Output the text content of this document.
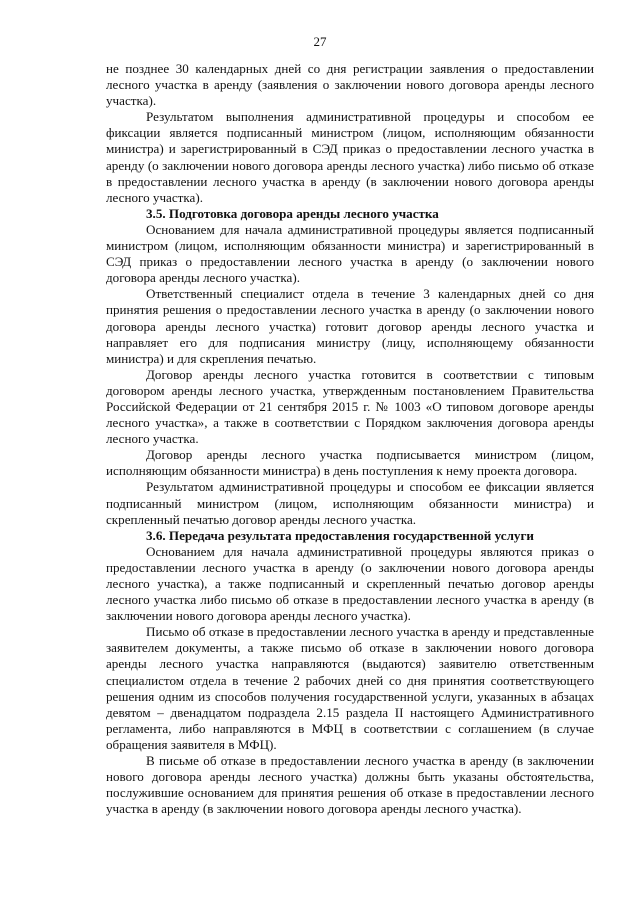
27

не позднее 30 календарных дней со дня регистрации заявления о предоставлении лесного участка в аренду (заявления о заключении нового договора аренды лесного участка).

Результатом выполнения административной процедуры и способом ее фиксации является подписанный министром (лицом, исполняющим обязанности министра) и зарегистрированный в СЭД приказ о предоставлении лесного участка в аренду (о заключении нового договора аренды лесного участка) либо письмо об отказе в предоставлении лесного участка в аренду (в заключении нового договора аренды лесного участка).

3.5. Подготовка договора аренды лесного участка

Основанием для начала административной процедуры является подписанный министром (лицом, исполняющим обязанности министра) и зарегистрированный в СЭД приказ о предоставлении лесного участка в аренду (о заключении нового договора аренды лесного участка).

Ответственный специалист отдела в течение 3 календарных дней со дня принятия решения о предоставлении лесного участка в аренду (о заключении нового договора аренды лесного участка) готовит договор аренды лесного участка и направляет его для подписания министру (лицу, исполняющему обязанности министра) и для скрепления печатью.

Договор аренды лесного участка готовится в соответствии с типовым договором аренды лесного участка, утвержденным постановлением Правительства Российской Федерации от 21 сентября 2015 г. № 1003 «О типовом договоре аренды лесного участка», а также в соответствии с Порядком заключения договора аренды лесного участка.

Договор аренды лесного участка подписывается министром (лицом, исполняющим обязанности министра) в день поступления к нему проекта договора.

Результатом административной процедуры и способом ее фиксации является подписанный министром (лицом, исполняющим обязанности министра) и скрепленный печатью договор аренды лесного участка.

3.6. Передача результата предоставления государственной услуги

Основанием для начала административной процедуры являются приказ о предоставлении лесного участка в аренду (о заключении нового договора аренды лесного участка), а также подписанный и скрепленный печатью договор аренды лесного участка либо письмо об отказе в предоставлении лесного участка в аренду (в заключении нового договора аренды лесного участка).

Письмо об отказе в предоставлении лесного участка в аренду и представленные заявителем документы, а также письмо об отказе в заключении нового договора аренды лесного участка направляются (выдаются) заявителю ответственным специалистом отдела в течение 2 рабочих дней со дня принятия соответствующего решения одним из способов получения государственной услуги, указанных в абзацах девятом – двенадцатом подраздела 2.15 раздела II настоящего Административного регламента, либо направляются в МФЦ в соответствии с соглашением (в случае обращения заявителя в МФЦ).

В письме об отказе в предоставлении лесного участка в аренду (в заключении нового договора аренды лесного участка) должны быть указаны обстоятельства, послужившие основанием для принятия решения об отказе в предоставлении лесного участка в аренду (в заключении нового договора аренды лесного участка).
